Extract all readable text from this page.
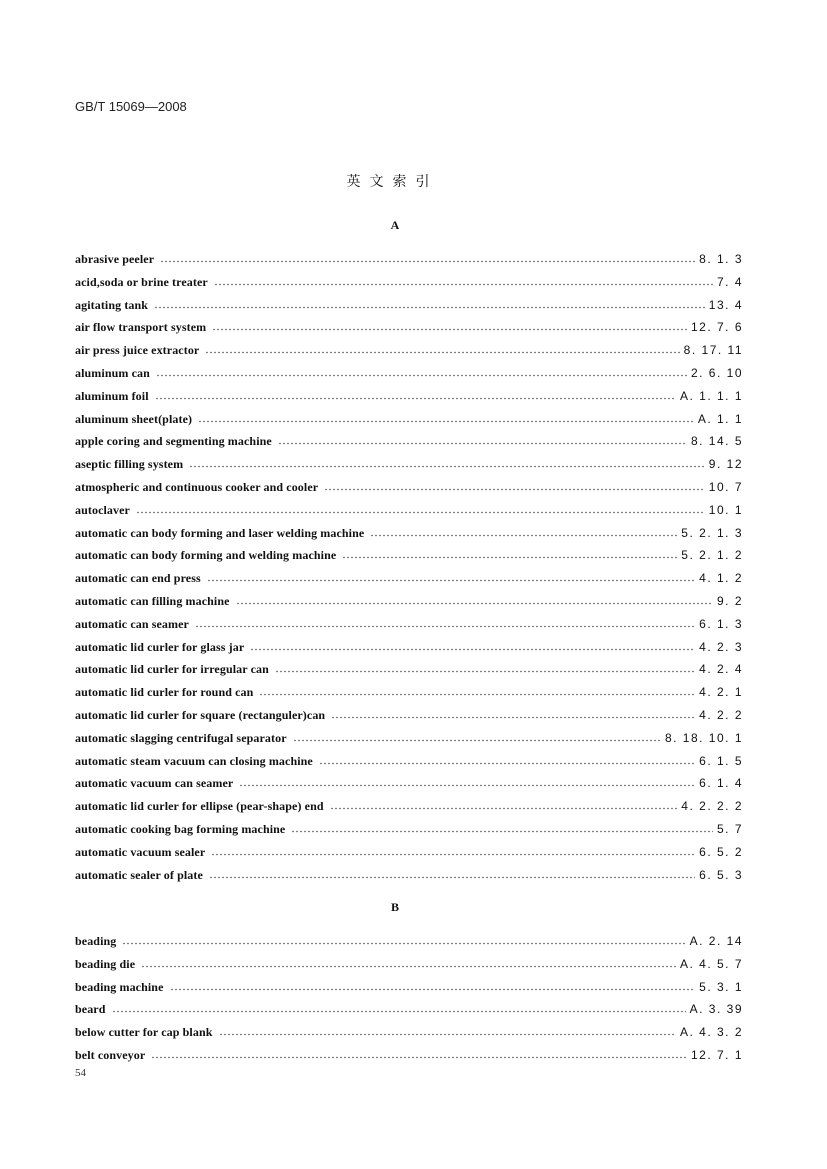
GB/T 15069—2008
英文索引
A
abrasive peeler	8. 1. 3
acid,soda or brine treater	7. 4
agitating tank	13. 4
air flow transport system	12. 7. 6
air press juice extractor	8. 17. 11
aluminum can	2. 6. 10
aluminum foil	A. 1. 1. 1
aluminum sheet(plate)	A. 1. 1
apple coring and segmenting machine	8. 14. 5
aseptic filling system	9. 12
atmospheric and continuous cooker and cooler	10. 7
autoclaver	10. 1
automatic can body forming and laser welding machine	5. 2. 1. 3
automatic can body forming and welding machine	5. 2. 1. 2
automatic can end press	4. 1. 2
automatic can filling machine	9. 2
automatic can seamer	6. 1. 3
automatic lid curler for glass jar	4. 2. 3
automatic lid curler for irregular can	4. 2. 4
automatic lid curler for round can	4. 2. 1
automatic lid curler for square (rectanguler)can	4. 2. 2
automatic slagging centrifugal separator	8. 18. 10. 1
automatic steam vacuum can closing machine	6. 1. 5
automatic vacuum can seamer	6. 1. 4
automatic lid curler for ellipse (pear-shape) end	4. 2. 2. 2
automatic cooking bag forming machine	5. 7
automatic vacuum sealer	6. 5. 2
automatic sealer of plate	6. 5. 3
B
beading	A. 2. 14
beading die	A. 4. 5. 7
beading machine	5. 3. 1
beard	A. 3. 39
below cutter for cap blank	A. 4. 3. 2
belt conveyor	12. 7. 1
54
